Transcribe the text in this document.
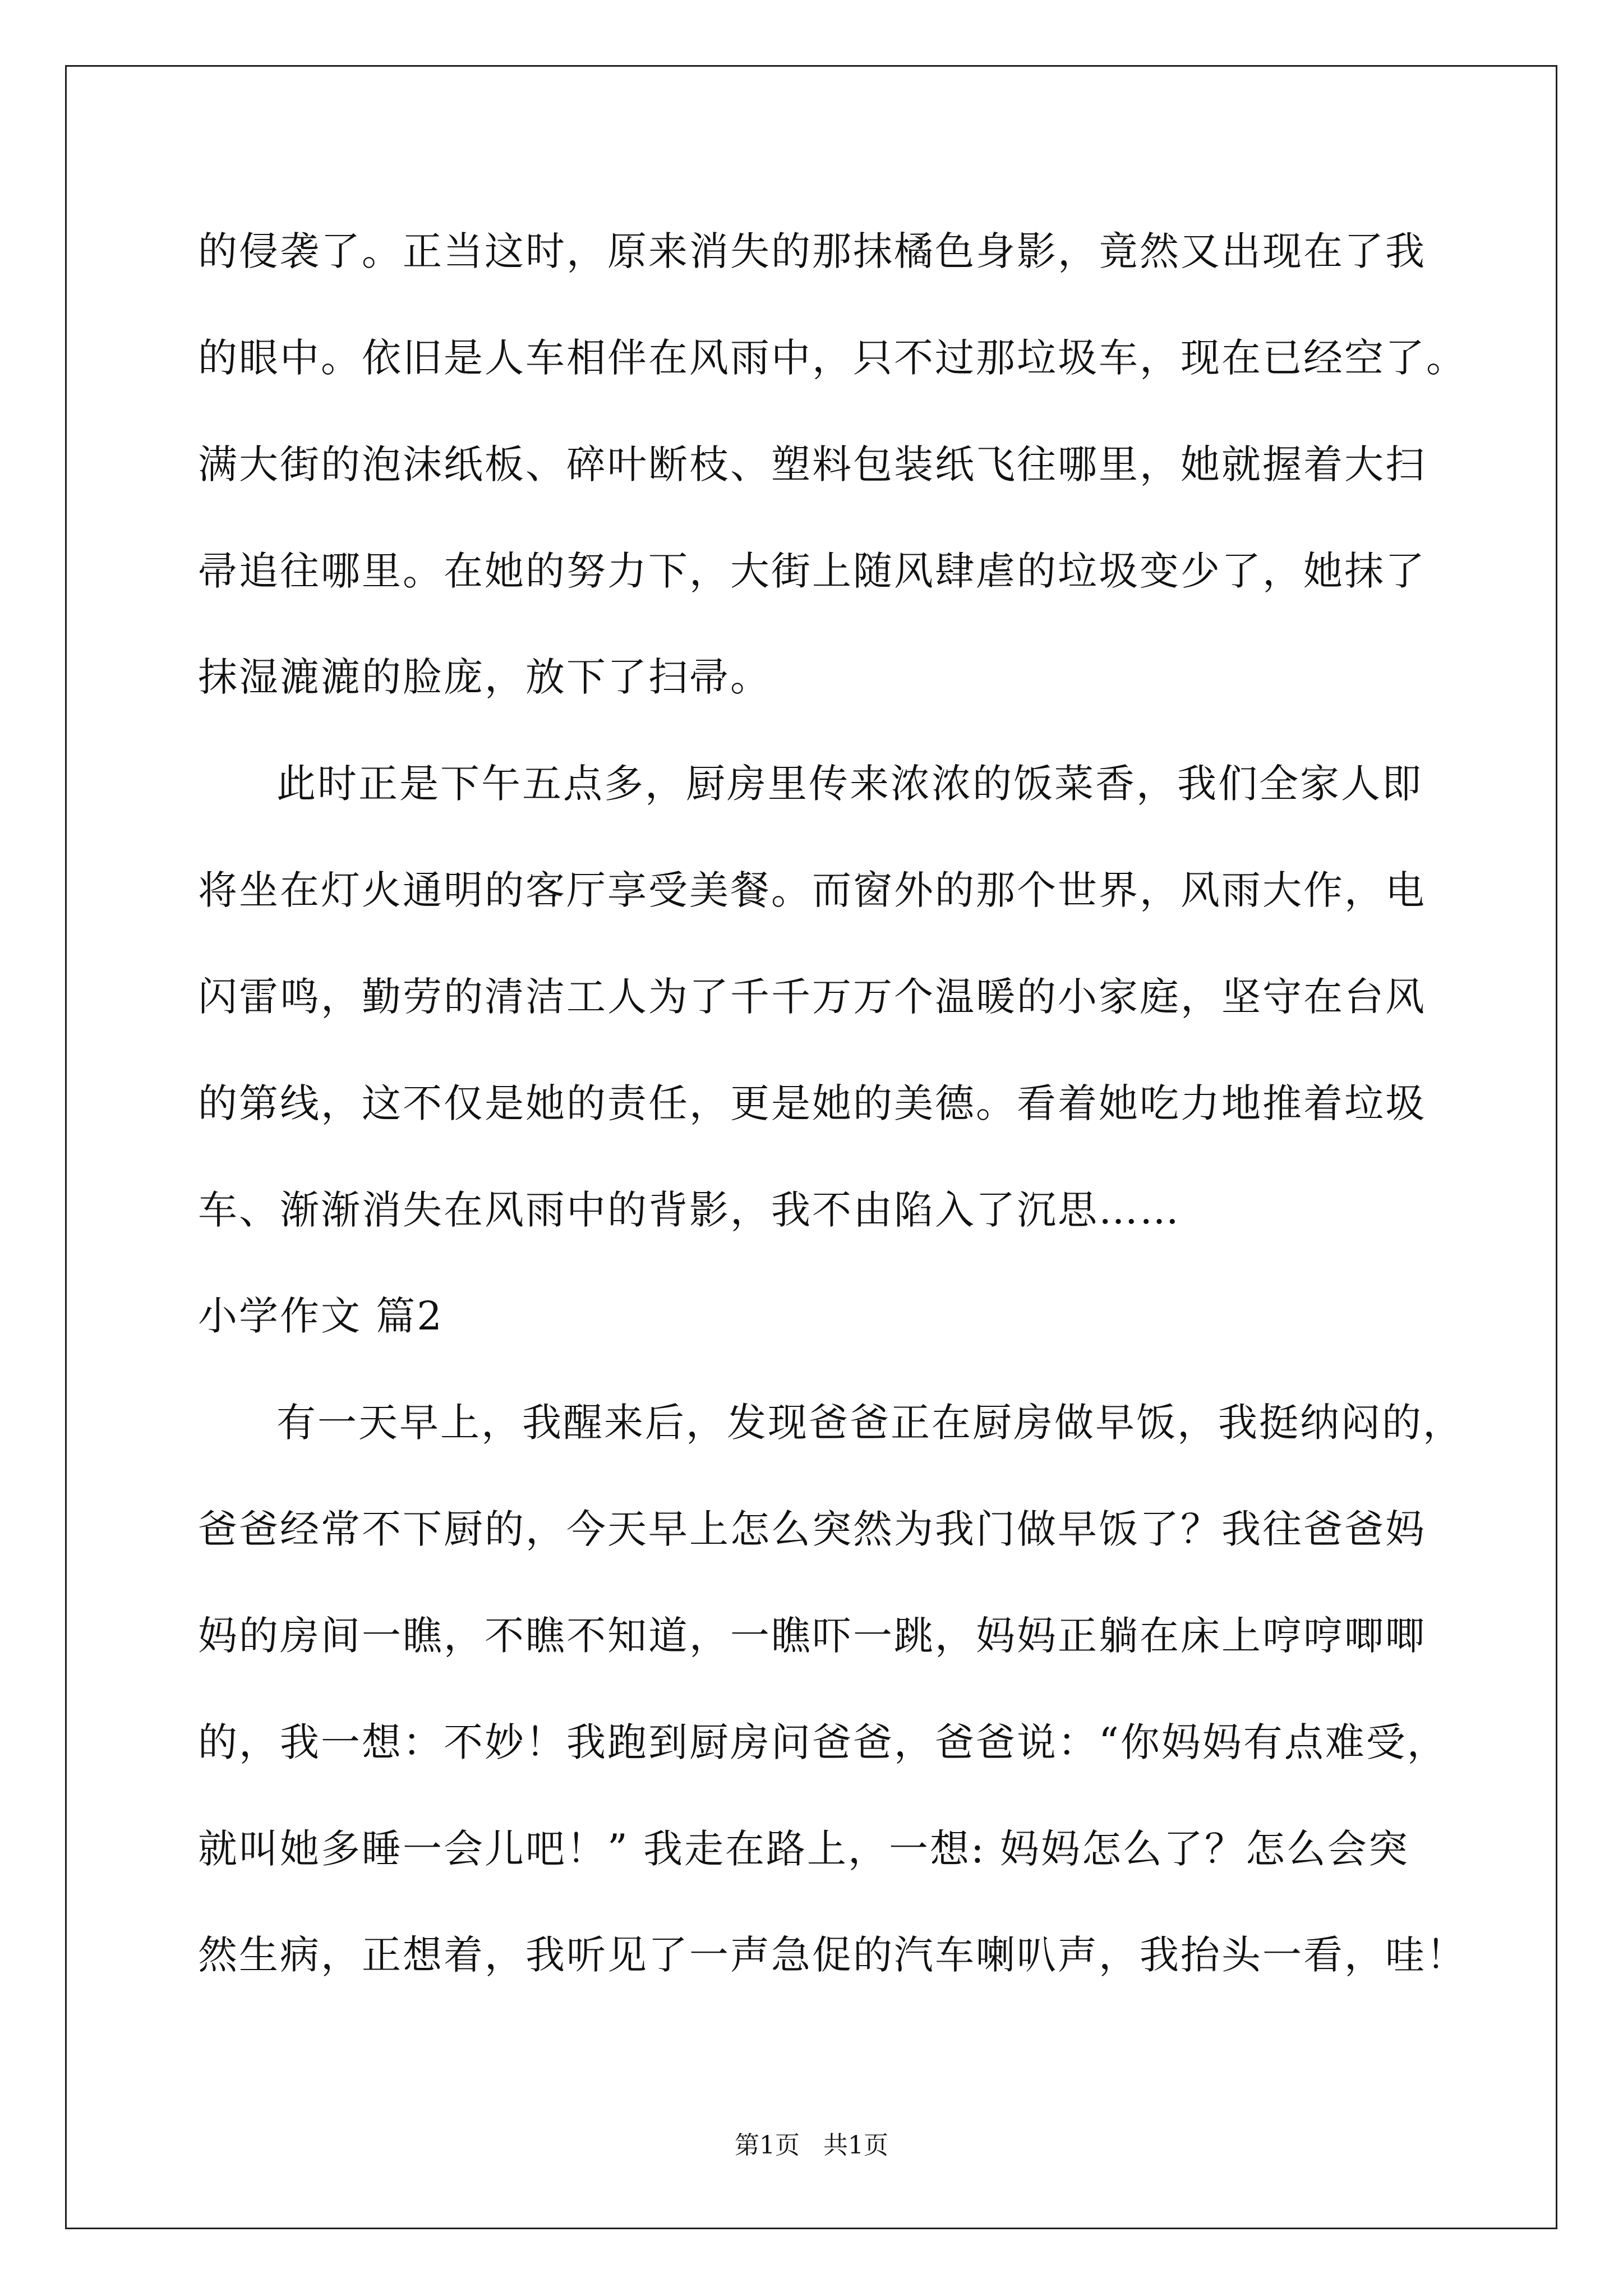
的侵袭了。正当这时，原来消失的那抹橘色身影，竟然又出现在了我
的眼中。依旧是人车相伴在风雨中，只不过那垃圾车，现在已经空了。
满大街的泡沫纸板、碎叶断枝、塑料包装纸飞往哪里，她就握着大扫
帚追往哪里。在她的努力下，大街上随风肆虐的垃圾变少了，她抹了
抹湿漉漉的脸庞，放下了扫帚。
此时正是下午五点多，厨房里传来浓浓的饭菜香，我们全家人即
将坐在灯火通明的客厅享受美餐。而窗外的那个世界，风雨大作，电
闪雷鸣，勤劳的清洁工人为了千千万万个温暖的小家庭，坚守在台风
的第线，这不仅是她的责任，更是她的美德。看着她吃力地推着垃圾
车、渐渐消失在风雨中的背影，我不由陷入了沉思……
小学作文 篇2
有一天早上，我醒来后，发现爸爸正在厨房做早饭，我挺纳闷的，
爸爸经常不下厨的，今天早上怎么突然为我门做早饭了？我往爸爸妈
妈的房间一瞧，不瞧不知道，一瞧吓一跳，妈妈正躺在床上哼哼唧唧
的，我一想：不妙！我跑到厨房问爸爸，爸爸说：“你妈妈有点难受，
就叫她多睡一会儿吧！” 我走在路上，一想: 妈妈怎么了？怎么会突
然生病，正想着，我听见了一声急促的汽车喇叭声，我抬头一看，哇！
第1页   共1页
